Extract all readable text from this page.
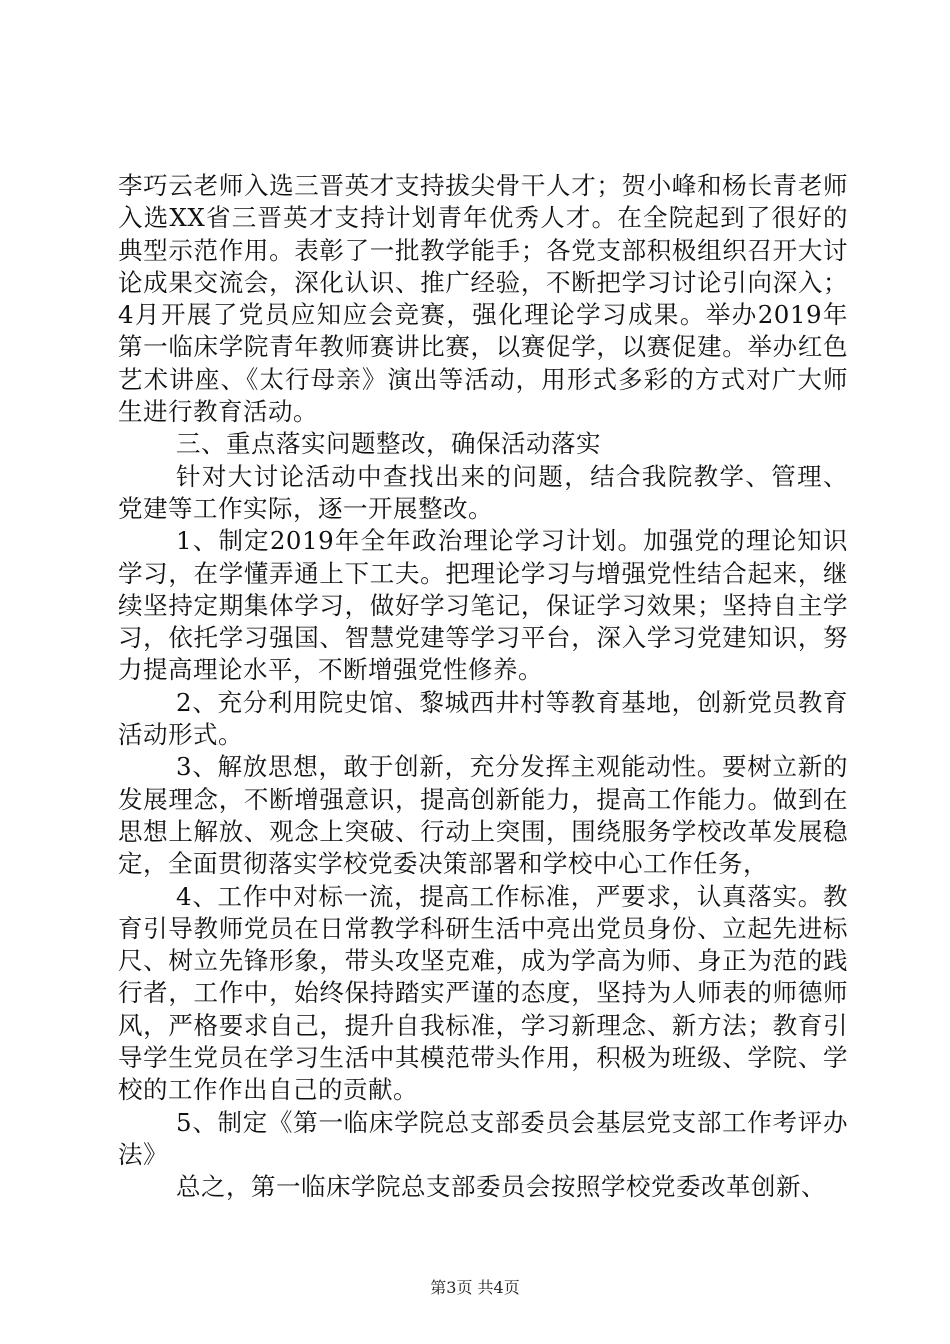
李巧云老师入选三晋英才支持拔尖骨干人才；贺小峰和杨长青老师入选XX省三晋英才支持计划青年优秀人才。在全院起到了很好的典型示范作用。表彰了一批教学能手；各党支部积极组织召开大讨论成果交流会，深化认识、推广经验，不断把学习讨论引向深入；4月开展了党员应知应会竞赛，强化理论学习成果。举办2019年第一临床学院青年教师赛讲比赛，以赛促学，以赛促建。举办红色艺术讲座、《太行母亲》演出等活动，用形式多彩的方式对广大师生进行教育活动。

三、重点落实问题整改，确保活动落实

针对大讨论活动中查找出来的问题，结合我院教学、管理、党建等工作实际，逐一开展整改。

1、制定2019年全年政治理论学习计划。加强党的理论知识学习，在学懂弄通上下工夫。把理论学习与增强党性结合起来，继续坚持定期集体学习，做好学习笔记，保证学习效果；坚持自主学习，依托学习强国、智慧党建等学习平台，深入学习党建知识，努力提高理论水平，不断增强党性修养。

2、充分利用院史馆、黎城西井村等教育基地，创新党员教育活动形式。

3、解放思想，敢于创新，充分发挥主观能动性。要树立新的发展理念，不断增强意识，提高创新能力，提高工作能力。做到在思想上解放、观念上突破、行动上突围，围绕服务学校改革发展稳定，全面贯彻落实学校党委决策部署和学校中心工作任务，

4、工作中对标一流，提高工作标准，严要求，认真落实。教育引导教师党员在日常教学科研生活中亮出党员身份、立起先进标尺、树立先锋形象，带头攻坚克难，成为学高为师、身正为范的践行者，工作中，始终保持踏实严谨的态度，坚持为人师表的师德师风，严格要求自己，提升自我标准，学习新理念、新方法；教育引导学生党员在学习生活中其模范带头作用，积极为班级、学院、学校的工作作出自己的贡献。

5、制定《第一临床学院总支部委员会基层党支部工作考评办法》

总之，第一临床学院总支部委员会按照学校党委改革创新、

第3页 共4页
